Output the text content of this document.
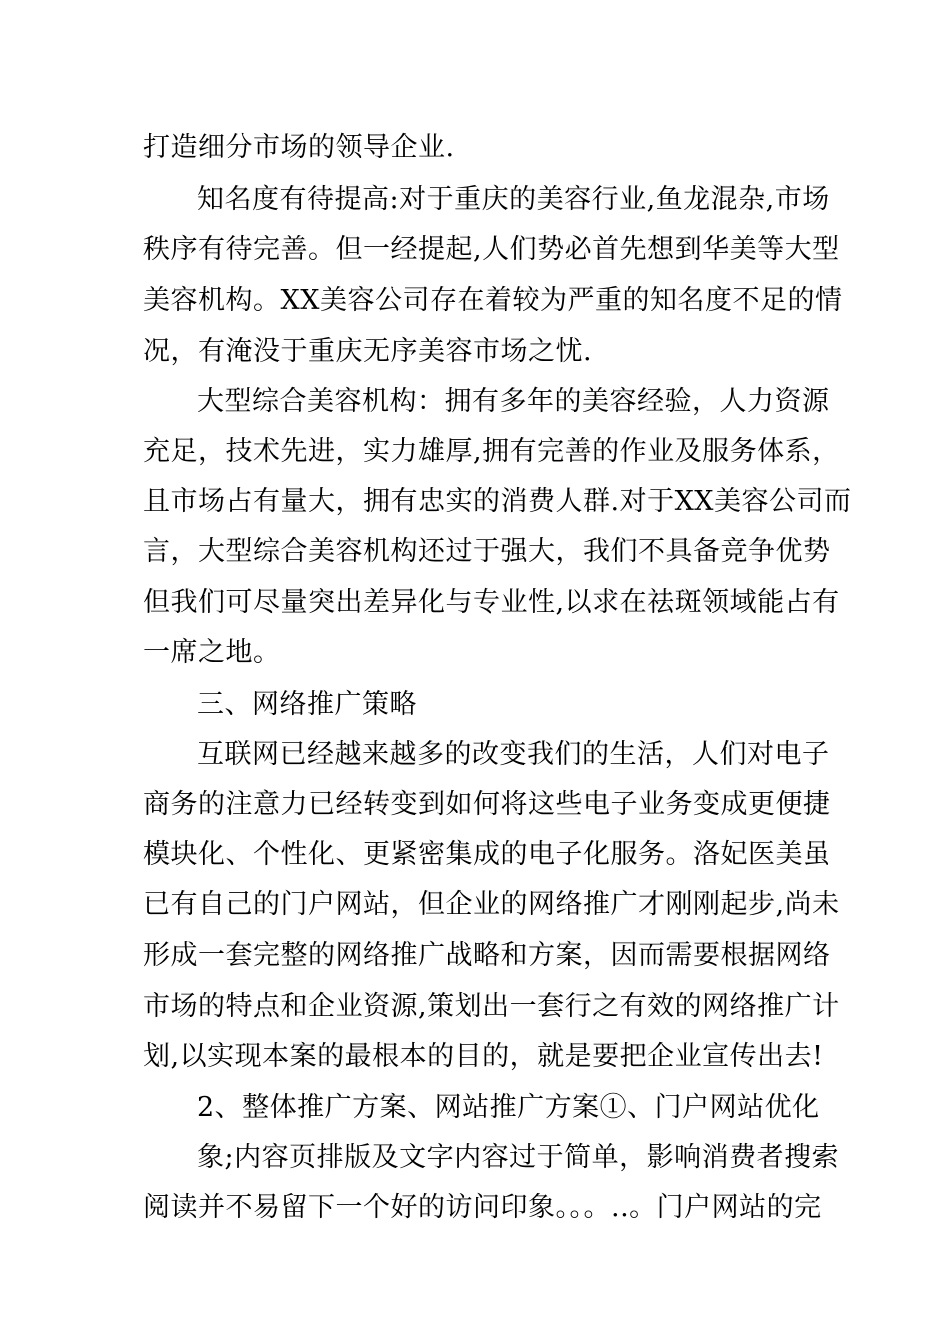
打造细分市场的领导企业.
知名度有待提高:对于重庆的美容行业,鱼龙混杂,市场
秩序有待完善。但一经提起,人们势必首先想到华美等大型
美容机构。XX美容公司存在着较为严重的知名度不足的情
况，有淹没于重庆无序美容市场之忧.
大型综合美容机构：拥有多年的美容经验，人力资源
充足，技术先进，实力雄厚,拥有完善的作业及服务体系，
且市场占有量大，拥有忠实的消费人群.对于XX美容公司而
言，大型综合美容机构还过于强大，我们不具备竞争优势
但我们可尽量突出差异化与专业性,以求在祛斑领域能占有
一席之地。
三、网络推广策略
互联网已经越来越多的改变我们的生活，人们对电子
商务的注意力已经转变到如何将这些电子业务变成更便捷
模块化、个性化、更紧密集成的电子化服务。洛妃医美虽
已有自己的门户网站，但企业的网络推广才刚刚起步,尚未
形成一套完整的网络推广战略和方案，因而需要根据网络
市场的特点和企业资源,策划出一套行之有效的网络推广计
划,以实现本案的最根本的目的，就是要把企业宣传出去!
2、整体推广方案、网站推广方案①、门户网站优化
象;内容页排版及文字内容过于简单，影响消费者搜索
阅读并不易留下一个好的访问印象。。。..。门户网站的完
